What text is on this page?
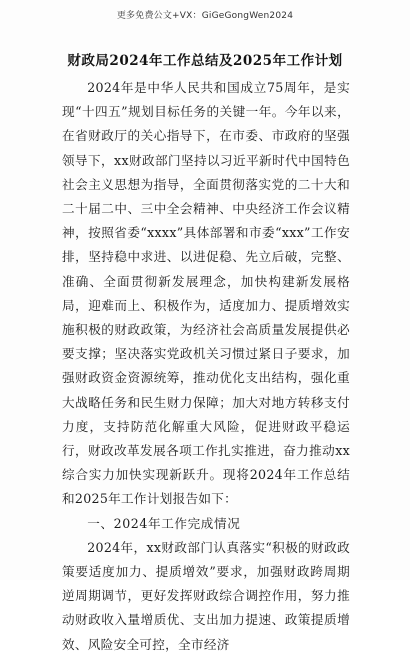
更多免费公文+VX：GiGeGongWen2024
财政局2024年工作总结及2025年工作计划

2024年是中华人民共和国成立75周年，是实现“十四五”规划目标任务的关键一年。今年以来，在省财政厅的关心指导下，在市委、市政府的坚强领导下，xx财政部门坚持以习近平新时代中国特色社会主义思想为指导，全面贯彻落实党的二十大和二十届二中、三中全会精神、中央经济工作会议精神，按照省委“xxxx”具体部署和市委“xxx”工作安排，坚持稳中求进、以进促稳、先立后破，完整、准确、全面贯彻新发展理念，加快构建新发展格局，迎难而上、积极作为，适度加力、提质增效实施积极的财政政策，为经济社会高质量发展提供必要支撑；坚决落实党政机关习惯过紧日子要求，加强财政资金资源统筹，推动优化支出结构，强化重大战略任务和民生财力保障；加大对地方转移支付力度，支持防范化解重大风险，促进财政平稳运行，财政改革发展各项工作扎实推进，奋力推动xx综合实力加快实现新跃升。现将2024年工作总结和2025年工作计划报告如下：

一、2024年工作完成情况

2024年，xx财政部门认真落实“积极的财政政策要适度加力、提质增效”要求，加强财政跨周期逆周期调节，更好发挥财政综合调控作用，努力推动财政收入量增质优、支出加力提速、政策提质增效、风险安全可控，全市经济
